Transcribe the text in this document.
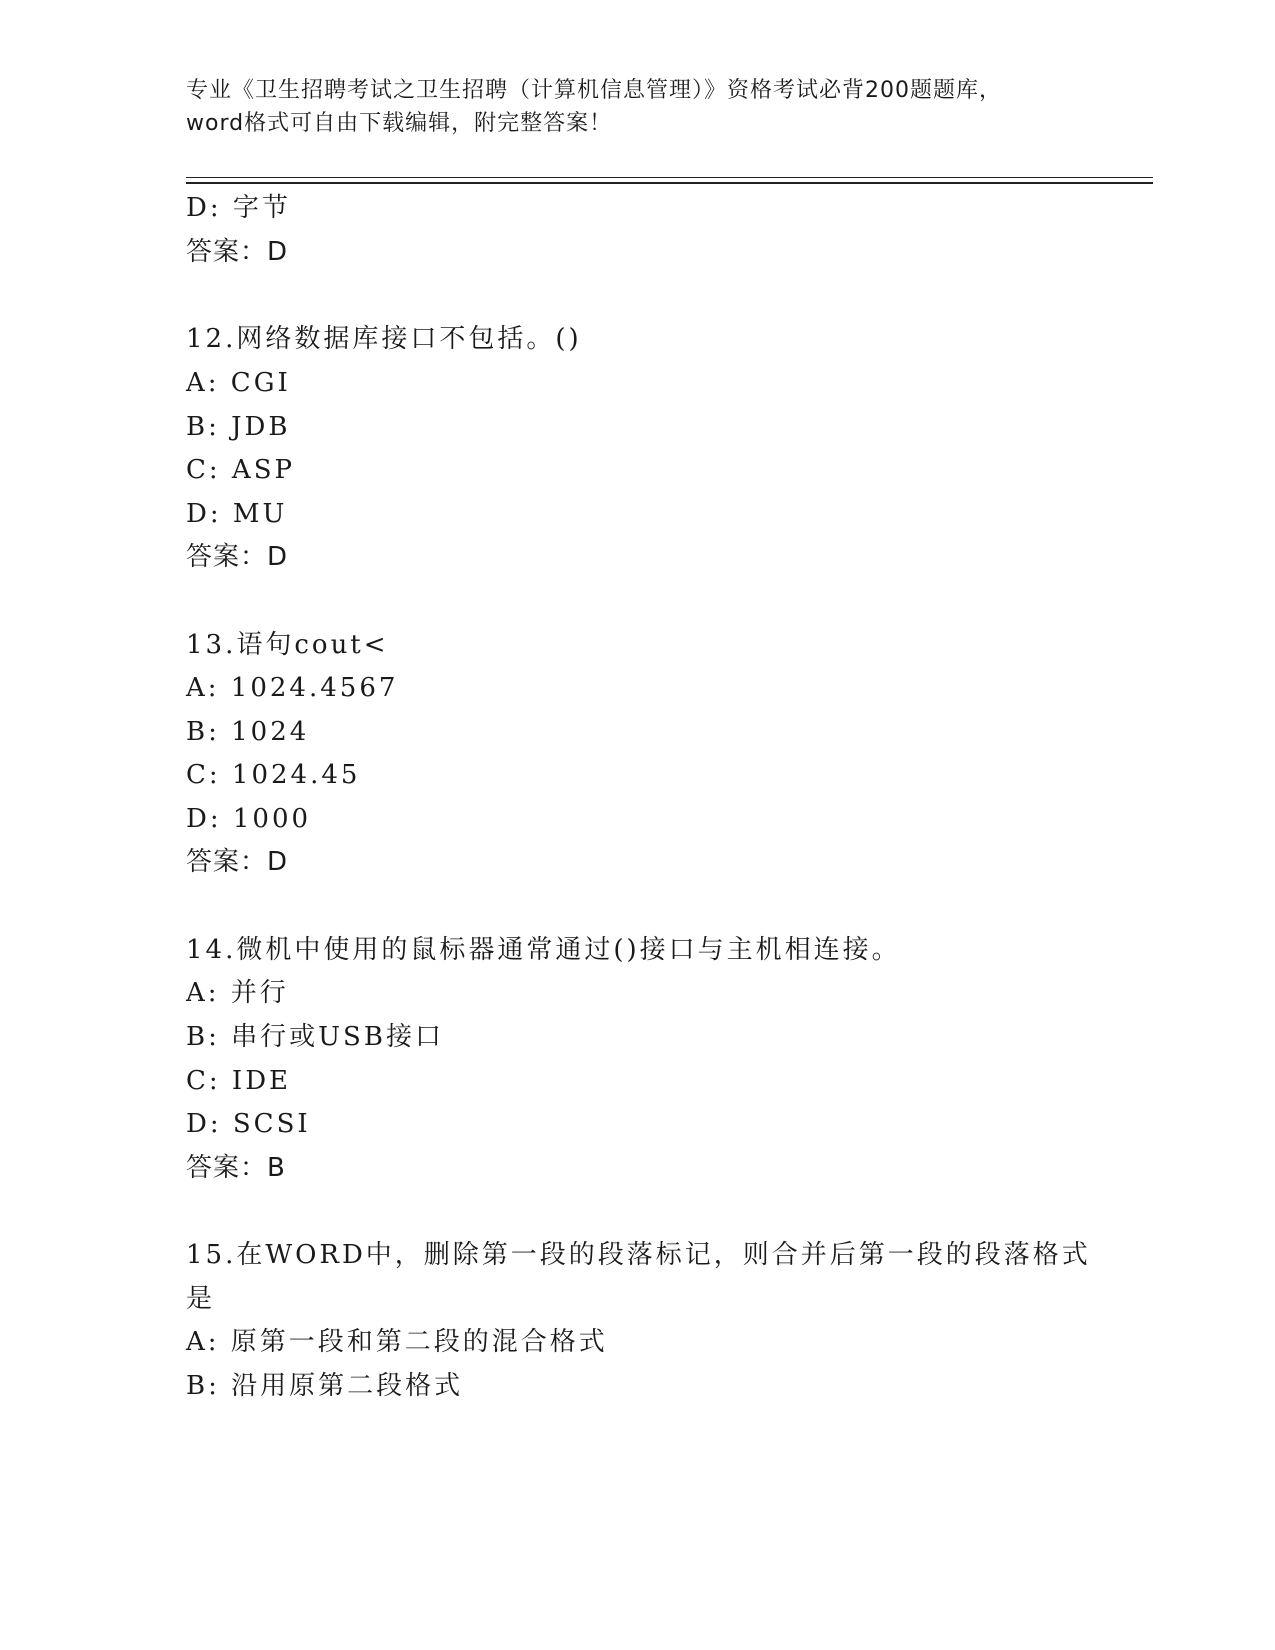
专业《卫生招聘考试之卫生招聘（计算机信息管理）》资格考试必背200题题库，
word格式可自由下载编辑，附完整答案！
D: 字节
答案：D
12.网络数据库接口不包括。()
A: CGI
B: JDB
C: ASP
D: MU
答案：D
13.语句cout<
A: 1024.4567
B: 1024
C: 1024.45
D: 1000
答案：D
14.微机中使用的鼠标器通常通过()接口与主机相连接。
A: 并行
B: 串行或USB接口
C: IDE
D: SCSI
答案：B
15.在WORD中，删除第一段的段落标记，则合并后第一段的段落格式
是
A: 原第一段和第二段的混合格式
B: 沿用原第二段格式
